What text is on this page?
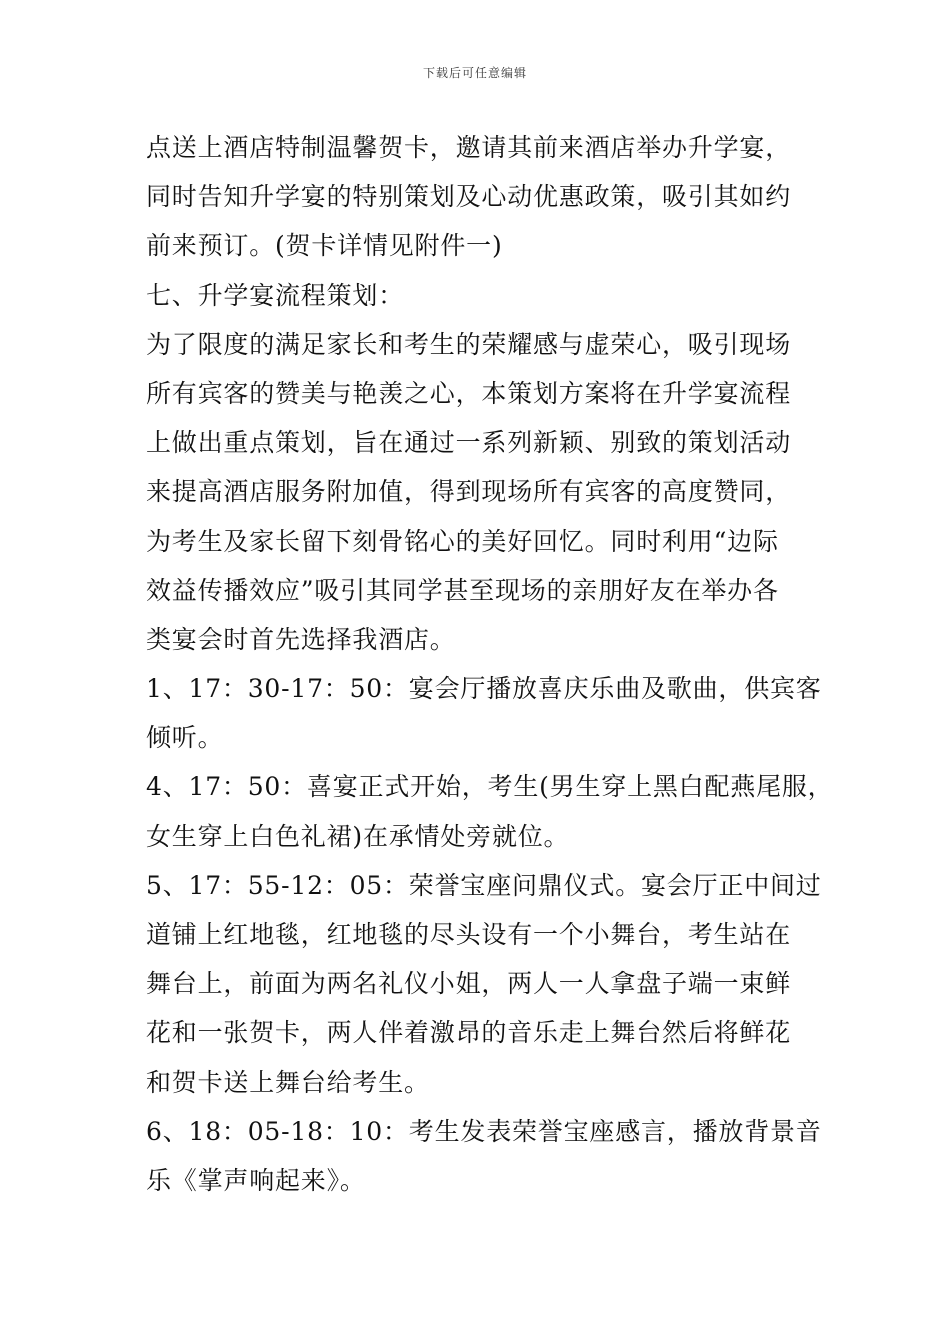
下载后可任意编辑
点送上酒店特制温馨贺卡，邀请其前来酒店举办升学宴，
同时告知升学宴的特别策划及心动优惠政策，吸引其如约
前来预订。(贺卡详情见附件一)
七、升学宴流程策划：
为了限度的满足家长和考生的荣耀感与虚荣心，吸引现场
所有宾客的赞美与艳羡之心，本策划方案将在升学宴流程
上做出重点策划，旨在通过一系列新颖、别致的策划活动
来提高酒店服务附加值，得到现场所有宾客的高度赞同，
为考生及家长留下刻骨铭心的美好回忆。同时利用“边际
效益传播效应”吸引其同学甚至现场的亲朋好友在举办各
类宴会时首先选择我酒店。
1、17：30-17：50：宴会厅播放喜庆乐曲及歌曲，供宾客
倾听。
4、17：50：喜宴正式开始，考生(男生穿上黑白配燕尾服，
女生穿上白色礼裙)在承情处旁就位。
5、17：55-12：05：荣誉宝座问鼎仪式。宴会厅正中间过
道铺上红地毯，红地毯的尽头设有一个小舞台，考生站在
舞台上，前面为两名礼仪小姐，两人一人拿盘子端一束鲜
花和一张贺卡，两人伴着激昂的音乐走上舞台然后将鲜花
和贺卡送上舞台给考生。
6、18：05-18：10：考生发表荣誉宝座感言，播放背景音
乐《掌声响起来》。
